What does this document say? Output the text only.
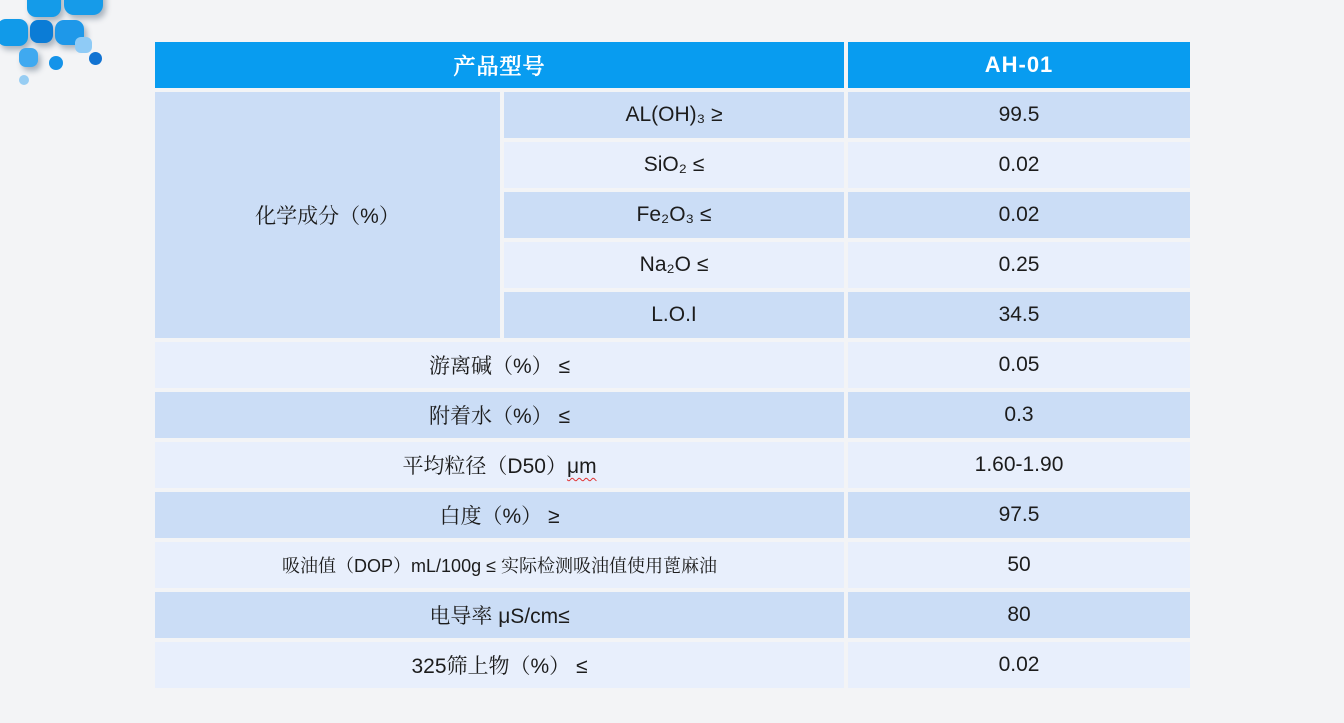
产品型号		AH-01
化学成分（%）	AL(OH)₃ ≥	99.5
	SiO₂ ≤	0.02
	Fe₂O₃ ≤	0.02
	Na₂O ≤	0.25
	L.O.I	34.5
游离碱（%） ≤		0.05
附着水（%） ≤		0.3
平均粒径（D50）μm		1.60-1.90
白度（%） ≥		97.5
吸油值（DOP）mL/100g ≤ 实际检测吸油值使用蓖麻油		50
电导率 μS/cm≤		80
325筛上物（%） ≤		0.02
